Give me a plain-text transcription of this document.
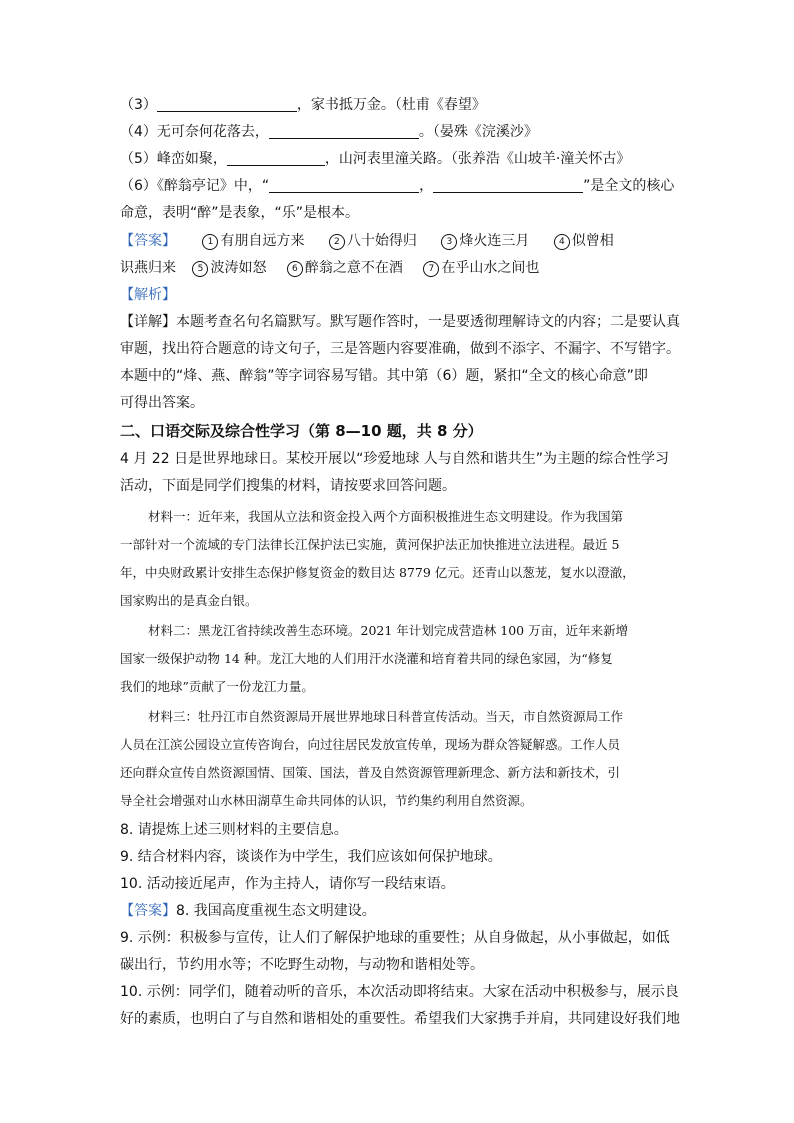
（3）	，家书抵万金。（杜甫《春望》
（4）无可奈何花落去，	。（晏殊《浣溪沙》
（5）峰峦如聚，	，山河表里潼关路。（张养浩《山坡羊·潼关怀古》
（6）《醉翁亭记》中，“	，	”是全文的核心
命意，表明“醉”是表象，“乐”是根本。
【答案】	1 有朋自远方来	2 八十始得归	3 烽火连三月	4 似曾相
识燕归来 5 波涛如怒	6 醉翁之意不在酒	7 在乎山水之间也
【解析】
【详解】本题考查名句名篇默写。默写题作答时，一是要透彻理解诗文的内容；二是要认真
审题，找出符合题意的诗文句子，三是答题内容要准确，做到不添字、不漏字、不写错字。
本题中的“烽、燕、醉翁”等字词容易写错。其中第（6）题，紧扣“全文的核心命意”即
可得出答案。
二、口语交际及综合性学习（第 8—10 题，共 8 分）
4 月 22 日是世界地球日。某校开展以“珍爱地球 人与自然和谐共生”为主题的综合性学习
活动，下面是同学们搜集的材料，请按要求回答问题。
材料一：近年来，我国从立法和资金投入两个方面积极推进生态文明建设。作为我国第
一部针对一个流域的专门法律长江保护法已实施，黄河保护法正加快推进立法进程。最近 5
年，中央财政累计安排生态保护修复资金的数目达 8779 亿元。还青山以葱茏，复水以澄澈，
国家购出的是真金白银。
材料二：黑龙江省持续改善生态环境。2021 年计划完成营造林 100 万亩，近年来新增
国家一级保护动物 14 种。龙江大地的人们用汗水浇灌和培育着共同的绿色家园，为“修复
我们的地球”贡献了一份龙江力量。
材料三：牡丹江市自然资源局开展世界地球日科普宣传活动。当天，市自然资源局工作
人员在江滨公园设立宣传咨询台，向过往居民发放宣传单，现场为群众答疑解惑。工作人员
还向群众宣传自然资源国情、国策、国法，普及自然资源管理新理念、新方法和新技术，引
导全社会增强对山水林田湖草生命共同体的认识，节约集约利用自然资源。
8. 请提炼上述三则材料的主要信息。
9. 结合材料内容，谈谈作为中学生，我们应该如何保护地球。
10. 活动接近尾声，作为主持人，请你写一段结束语。
【答案】8. 我国高度重视生态文明建设。
9. 示例：积极参与宣传，让人们了解保护地球的重要性；从自身做起，从小事做起，如低
碳出行，节约用水等；不吃野生动物，与动物和谐相处等。
10. 示例：同学们，随着动听的音乐，本次活动即将结束。大家在活动中积极参与，展示良
好的素质，也明白了与自然和谐相处的重要性。希望我们大家携手并肩，共同建设好我们地
